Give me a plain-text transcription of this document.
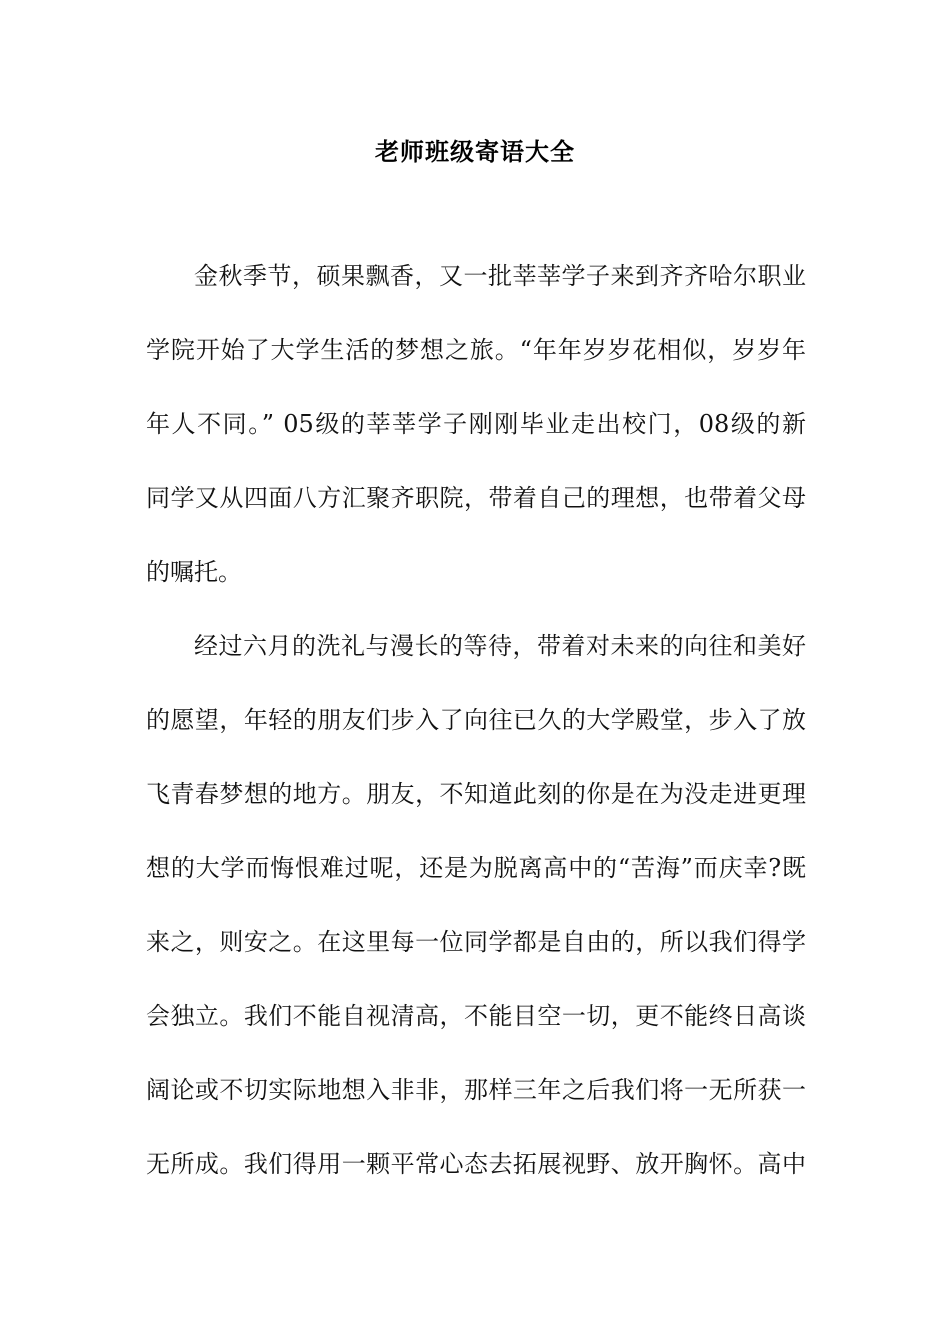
老师班级寄语大全
金秋季节，硕果飘香，又一批莘莘学子来到齐齐哈尔职业
学院开始了大学生活的梦想之旅。“年年岁岁花相似，岁岁年
年人不同。” 05级的莘莘学子刚刚毕业走出校门，08级的新
同学又从四面八方汇聚齐职院，带着自己的理想，也带着父母
的嘱托。
经过六月的洗礼与漫长的等待，带着对未来的向往和美好
的愿望，年轻的朋友们步入了向往已久的大学殿堂，步入了放
飞青春梦想的地方。朋友，不知道此刻的你是在为没走进更理
想的大学而悔恨难过呢，还是为脱离高中的“苦海”而庆幸?既
来之，则安之。在这里每一位同学都是自由的，所以我们得学
会独立。我们不能自视清高，不能目空一切，更不能终日高谈
阔论或不切实际地想入非非，那样三年之后我们将一无所获一
无所成。我们得用一颗平常心态去拓展视野、放开胸怀。高中
